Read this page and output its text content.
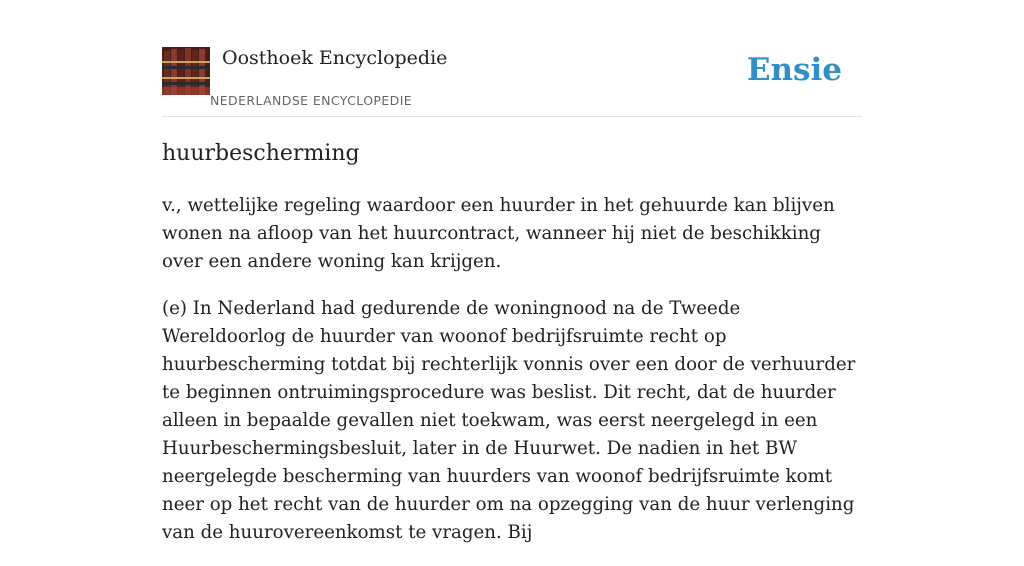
Oosthoek Encyclopedie
NEDERLANDSE ENCYCLOPEDIE
Ensie
huurbescherming

v., wettelijke regeling waardoor een huurder in het gehuurde kan blijven wonen na afloop van het huurcontract, wanneer hij niet de beschikking over een andere woning kan krijgen.

(e) In Nederland had gedurende de woningnood na de Tweede Wereldoorlog de huurder van woonof bedrijfsruimte recht op huurbescherming totdat bij rechterlijk vonnis over een door de verhuurder te beginnen ontruimingsprocedure was beslist. Dit recht, dat de huurder alleen in bepaalde gevallen niet toekwam, was eerst neergelegd in een Huurbeschermingsbesluit, later in de Huurwet. De nadien in het BW neergelegde bescherming van huurders van woonof bedrijfsruimte komt neer op het recht van de huurder om na opzegging van de huur verlenging van de huurovereenkomst te vragen. Bij
